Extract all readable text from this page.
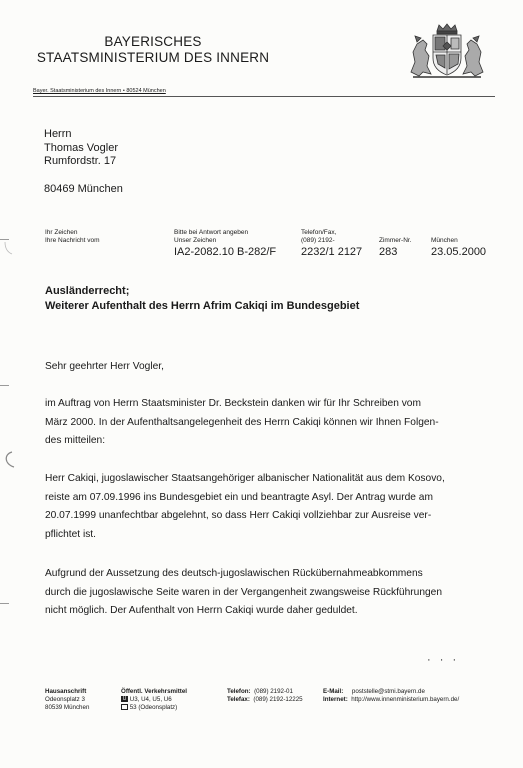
BAYERISCHES
STAATSMINISTERIUM DES INNERN
Bayer. Staatsministerium des Innern • 80524 München
Herrn
Thomas Vogler
Rumfordstr. 17
80469 München
Ihr Zeichen
Ihre Nachricht vom
Bitte bei Antwort angeben
Unser Zeichen
IA2-2082.10 B-282/F
Telefon/Fax,
(089) 2192-
2232/1 2127
Zimmer-Nr.
283
München
23.05.2000
Ausländerrecht;
Weiterer Aufenthalt des Herrn Afrim Cakiqi im Bundesgebiet

Sehr geehrter Herr Vogler,

im Auftrag von Herrn Staatsminister Dr. Beckstein danken wir für Ihr Schreiben vom

März 2000. In der Aufenthaltsangelegenheit des Herrn Cakiqi können wir Ihnen Folgen-

des mitteilen:

Herr Cakiqi, jugoslawischer Staatsangehöriger albanischer Nationalität aus dem Kosovo,

reiste am 07.09.1996 ins Bundesgebiet ein und beantragte Asyl. Der Antrag wurde am

20.07.1999 unanfechtbar abgelehnt, so dass Herr Cakiqi vollziehbar zur Ausreise ver-

pflichtet ist.

Aufgrund der Aussetzung des deutsch-jugoslawischen Rückübernahmeabkommens

durch die jugoslawische Seite waren in der Vergangenheit zwangsweise Rückführungen

nicht möglich. Der Aufenthalt von Herrn Cakiqi wurde daher geduldet.

· · ·
Hausanschrift
Odeonsplatz 3
80539 München
Öffentl. Verkehrsmittel
U U3, U4, U5, U6
53 (Odeonsplatz)
Telefon: (089) 2192-01
Telefax: (089) 2192-12225
E-Mail: poststelle@stmi.bayern.de
Internet: http://www.innenministerium.bayern.de/
